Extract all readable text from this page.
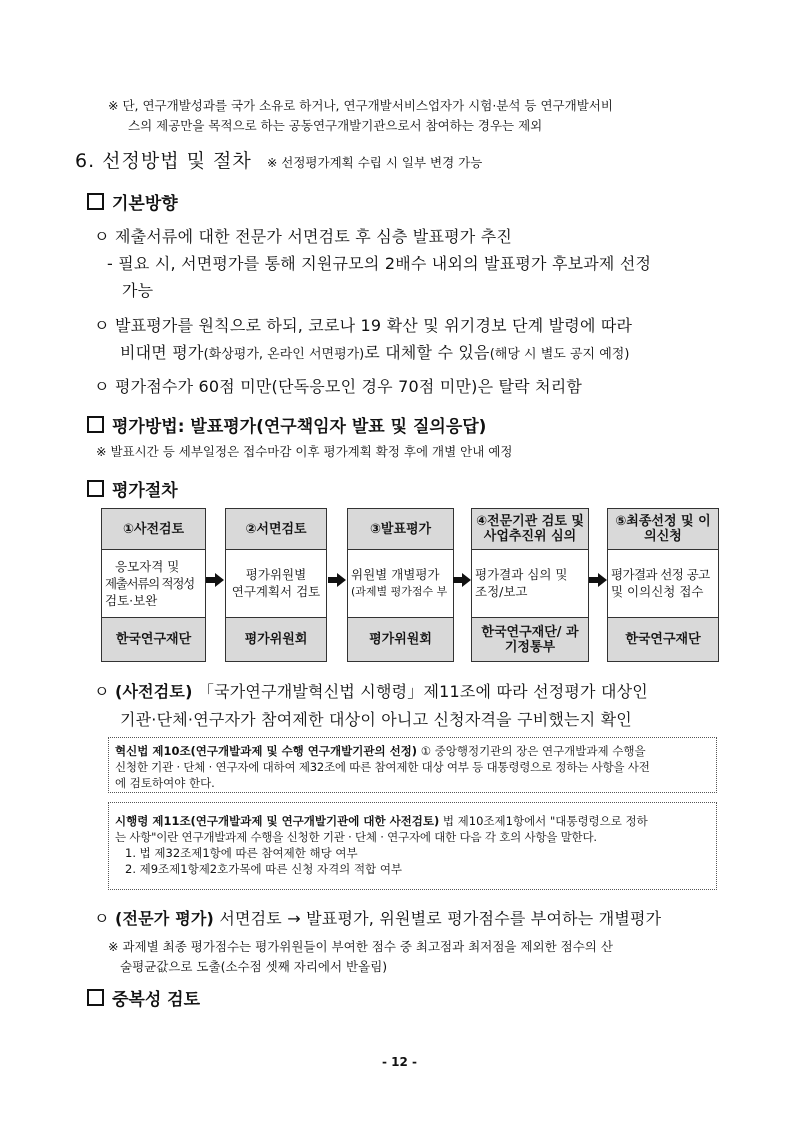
※ 단, 연구개발성과를 국가 소유로 하거나, 연구개발서비스업자가 시험·분석 등 연구개발서비
스의 제공만을 목적으로 하는 공동연구개발기관으로서 참여하는 경우는 제외
6. 선정방법 및 절차 ※ 선정평가계획 수립 시 일부 변경 가능
기본방향
ㅇ 제출서류에 대한 전문가 서면검토 후 심층 발표평가 추진
- 필요 시, 서면평가를 통해 지원규모의 2배수 내외의 발표평가 후보과제 선정
가능
ㅇ 발표평가를 원칙으로 하되, 코로나 19 확산 및 위기경보 단계 발령에 따라
비대면 평가(화상평가, 온라인 서면평가)로 대체할 수 있음(해당 시 별도 공지 예정)
ㅇ 평가점수가 60점 미만(단독응모인 경우 70점 미만)은 탈락 처리함
평가방법: 발표평가(연구책임자 발표 및 질의응답)
※ 발표시간 등 세부일정은 접수마감 이후 평가계획 확정 후에 개별 안내 예정
평가절차
①사전검토
응모자격 및
제출서류의 적정성
검토·보완
한국연구재단
②서면검토
평가위원별
연구계획서 검토
평가위원회
③발표평가
위원별 개별평가
(과제별 평가점수 부
평가위원회
④전문기관 검토 및 사업추진위 심의
평가결과 심의 및
조정/보고
한국연구재단/ 과기정통부
⑤최종선정 및 이의신청
평가결과 선정 공고
및 이의신청 접수
한국연구재단
ㅇ (사전검토) 「국가연구개발혁신법 시행령」제11조에 따라 선정평가 대상인
기관·단체·연구자가 참여제한 대상이 아니고 신청자격을 구비했는지 확인
혁신법 제10조(연구개발과제 및 수행 연구개발기관의 선정) ① 중앙행정기관의 장은 연구개발과제 수행을
신청한 기관 · 단체 · 연구자에 대하여 제32조에 따른 참여제한 대상 여부 등 대통령령으로 정하는 사항을 사전
에 검토하여야 한다.
시행령 제11조(연구개발과제 및 연구개발기관에 대한 사전검토) 법 제10조제1항에서 "대통령령으로 정하
는 사항"이란 연구개발과제 수행을 신청한 기관 · 단체 · 연구자에 대한 다음 각 호의 사항을 말한다.
1. 법 제32조제1항에 따른 참여제한 해당 여부
2. 제9조제1항제2호가목에 따른 신청 자격의 적합 여부
ㅇ (전문가 평가) 서면검토 → 발표평가, 위원별로 평가점수를 부여하는 개별평가
※ 과제별 최종 평가점수는 평가위원들이 부여한 점수 중 최고점과 최저점을 제외한 점수의 산
술평균값으로 도출(소수점 셋째 자리에서 반올림)
중복성 검토
- 12 -
